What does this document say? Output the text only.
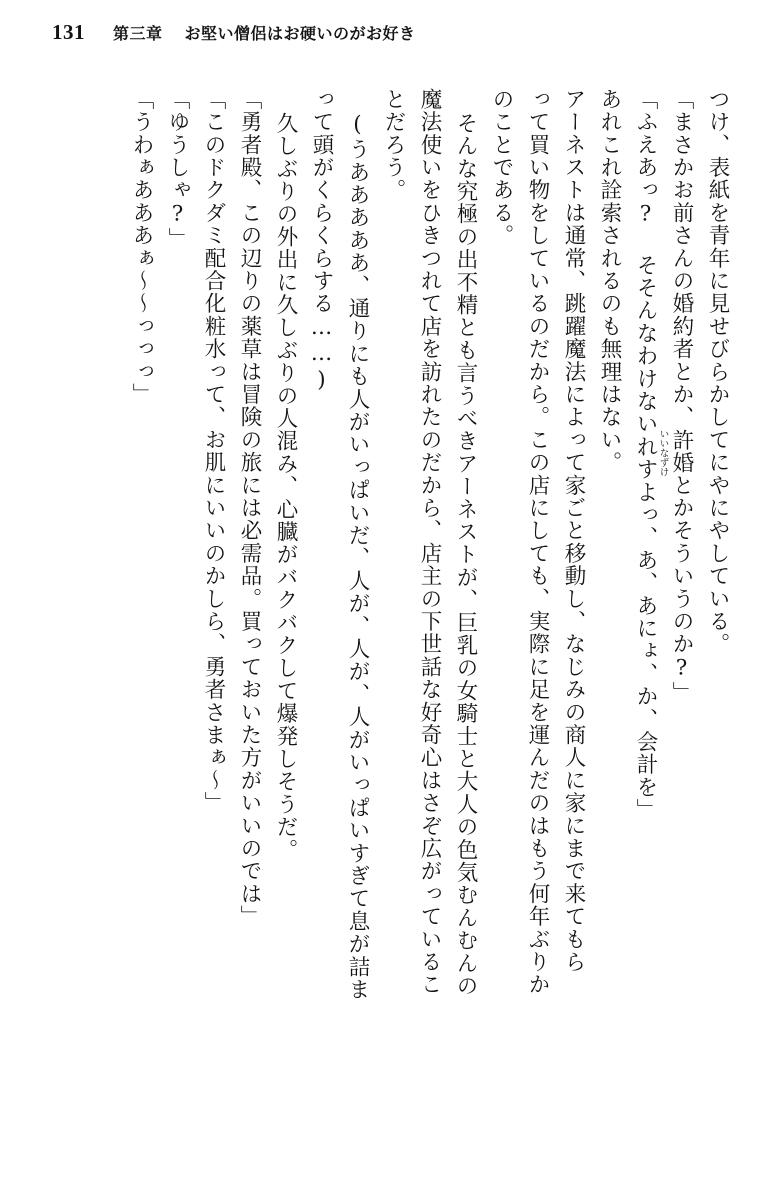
131 第三章 お堅い僧侶はお硬いのがお好き
つけ、表紙を青年に見せびらかしてにやにやしている。
「まさかお前さんの婚約者とか、許婚
いいなずけ
とかそういうのか?」
「ふえあっ? そそんなわけないれすよっ、あ、あにょ、か、会計を」
あれこれ詮索されるのも無理はない。
アーネストは通常、跳躍魔法によって家ごと移動し、なじみの商人に家にまで来てもら
って買い物をしているのだから。この店にしても、実際に足を運んだのはもう何年ぶりか
のことである。
そんな究極の出不精とも言うべきアーネストが、巨乳の女騎士と大人の色気むんむんの
魔法使いをひきつれて店を訪れたのだから、店主の下世話な好奇心はさぞ広がっているこ
とだろう。
(うあああああ、通りにも人がいっぱいだ、人が、人が、人がいっぱいすぎて息が詰ま
って頭がくらくらする……)
久しぶりの外出に久しぶりの人混み、心臓がバクバクして爆発しそうだ。
「勇者殿、この辺りの薬草は冒険の旅には必需品。買っておいた方がいいのでは」
「このドクダミ配合化粧水って、お肌にいいのかしら、勇者さまぁ〜」
「ゆうしゃ?」
「うわぁあああぁ〜〜っっっ」
